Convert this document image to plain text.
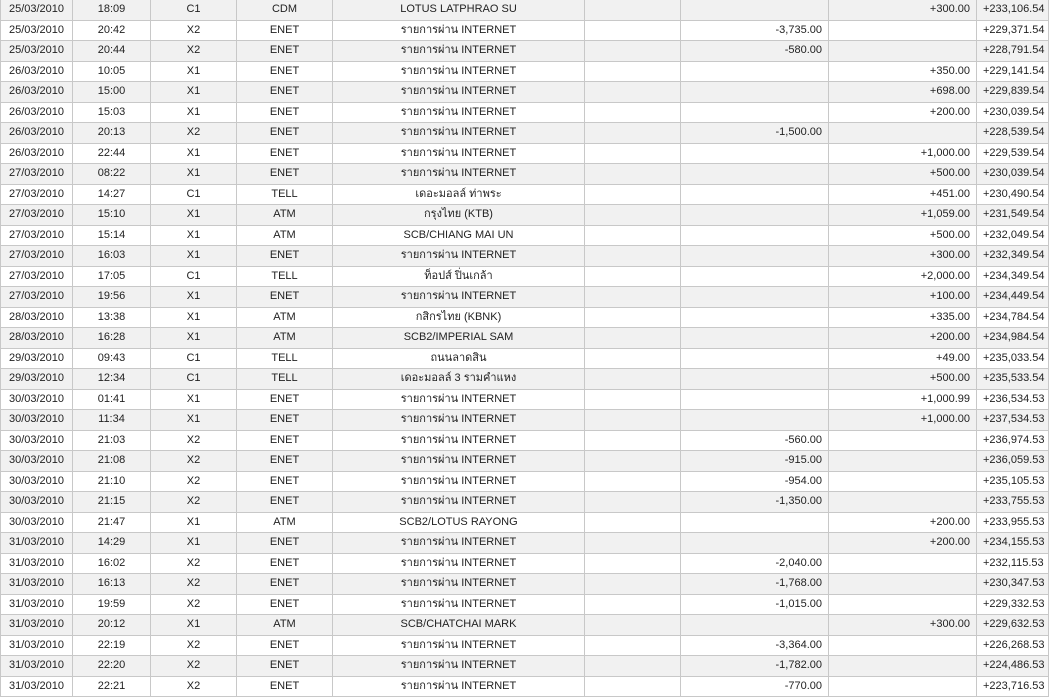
25/03/2010	18:09	C1	CDM	LOTUS LATPHRAO SU			+300.00	+233,106.54
25/03/2010	20:42	X2	ENET	รายการผ่าน INTERNET		-3,735.00		+229,371.54
25/03/2010	20:44	X2	ENET	รายการผ่าน INTERNET		-580.00		+228,791.54
26/03/2010	10:05	X1	ENET	รายการผ่าน INTERNET			+350.00	+229,141.54
26/03/2010	15:00	X1	ENET	รายการผ่าน INTERNET			+698.00	+229,839.54
26/03/2010	15:03	X1	ENET	รายการผ่าน INTERNET			+200.00	+230,039.54
26/03/2010	20:13	X2	ENET	รายการผ่าน INTERNET		-1,500.00		+228,539.54
26/03/2010	22:44	X1	ENET	รายการผ่าน INTERNET			+1,000.00	+229,539.54
27/03/2010	08:22	X1	ENET	รายการผ่าน INTERNET			+500.00	+230,039.54
27/03/2010	14:27	C1	TELL	เดอะมอลล์ ท่าพระ			+451.00	+230,490.54
27/03/2010	15:10	X1	ATM	กรุงไทย (KTB)			+1,059.00	+231,549.54
27/03/2010	15:14	X1	ATM	SCB/CHIANG MAI UN			+500.00	+232,049.54
27/03/2010	16:03	X1	ENET	รายการผ่าน INTERNET			+300.00	+232,349.54
27/03/2010	17:05	C1	TELL	ท็อปส์ ปิ่นเกล้า			+2,000.00	+234,349.54
27/03/2010	19:56	X1	ENET	รายการผ่าน INTERNET			+100.00	+234,449.54
28/03/2010	13:38	X1	ATM	กสิกรไทย (KBNK)			+335.00	+234,784.54
28/03/2010	16:28	X1	ATM	SCB2/IMPERIAL SAM			+200.00	+234,984.54
29/03/2010	09:43	C1	TELL	ถนนลาดสิน			+49.00	+235,033.54
29/03/2010	12:34	C1	TELL	เดอะมอลล์ 3 รามคำแหง			+500.00	+235,533.54
30/03/2010	01:41	X1	ENET	รายการผ่าน INTERNET			+1,000.99	+236,534.53
30/03/2010	11:34	X1	ENET	รายการผ่าน INTERNET			+1,000.00	+237,534.53
30/03/2010	21:03	X2	ENET	รายการผ่าน INTERNET		-560.00		+236,974.53
30/03/2010	21:08	X2	ENET	รายการผ่าน INTERNET		-915.00		+236,059.53
30/03/2010	21:10	X2	ENET	รายการผ่าน INTERNET		-954.00		+235,105.53
30/03/2010	21:15	X2	ENET	รายการผ่าน INTERNET		-1,350.00		+233,755.53
30/03/2010	21:47	X1	ATM	SCB2/LOTUS RAYONG			+200.00	+233,955.53
31/03/2010	14:29	X1	ENET	รายการผ่าน INTERNET			+200.00	+234,155.53
31/03/2010	16:02	X2	ENET	รายการผ่าน INTERNET		-2,040.00		+232,115.53
31/03/2010	16:13	X2	ENET	รายการผ่าน INTERNET		-1,768.00		+230,347.53
31/03/2010	19:59	X2	ENET	รายการผ่าน INTERNET		-1,015.00		+229,332.53
31/03/2010	20:12	X1	ATM	SCB/CHATCHAI MARK			+300.00	+229,632.53
31/03/2010	22:19	X2	ENET	รายการผ่าน INTERNET		-3,364.00		+226,268.53
31/03/2010	22:20	X2	ENET	รายการผ่าน INTERNET		-1,782.00		+224,486.53
31/03/2010	22:21	X2	ENET	รายการผ่าน INTERNET		-770.00		+223,716.53
